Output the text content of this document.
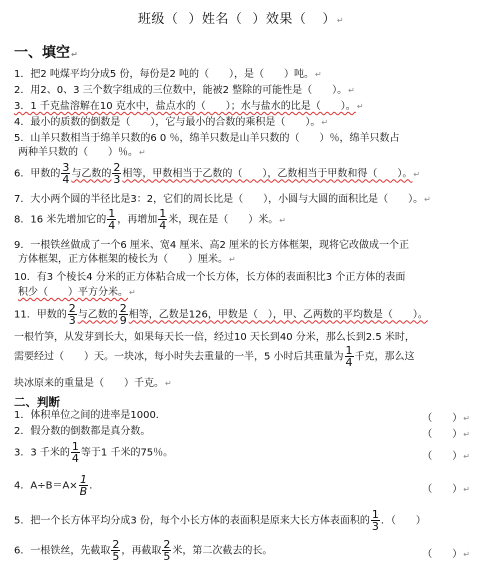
班级（ ）姓名（ ）效果（ ）↵
一、填空↵
1．把2 吨煤平均分成5 份，每份是2 吨的（　　），是（　　）吨。↵
2．用2、0、3 三个数字组成的三位数中，能被2 整除的可能性是（　　）。↵
3．1 千克盐溶解在10 克水中，盐点水的（　　）；水与盐水的比是（　　）。↵
4．最小的质数的倒数是（　　），它与最小的合数的乘积是（　　）。↵
5．山羊只数相当于绵羊只数的6 0 ％，绵羊只数是山羊只数的（　　）％，绵羊只数占
两种羊只数的（　　）％。↵
6．甲数的 $\frac{3}{4}$ 与乙数的 $\frac{2}{3}$ 相等，甲数相当于乙数的（　　），乙数相当于甲数和得（　　）。↵
7．大小两个圆的半径比是3：2，它们的周长比是（　　），小圆与大圆的面积比是（　　）。↵
8．16 米先增加它的 $\frac{1}{4}$ ，再增加 $\frac{1}{4}$ 米，现在是（　　）米。↵
9．一根铁丝做成了一个6 厘米、宽4 厘米、高2 厘米的长方体框架，现将它改做成一个正
方体框架，正方体框架的棱长为（　　）厘米。↵
10．有3 个棱长4 分米的正方体粘合成一个长方体，长方体的表面积比3 个正方体的表面
积少（　　）平方分米。↵
11．甲数的 $\frac{2}{3}$ 与乙数的 $\frac{2}{9}$ 相等，乙数是126，甲数是（　），甲、乙两数的平均数是（　　）。
一根竹笋，从发芽到长大，如果每天长一倍，经过10 天长到40 分米，那么长到2.5 米时，
需要经过（　　）天。一块冰，每小时失去重量的一半，5 小时后其重量为 $\frac{1}{4}$ 千克，那么这
块冰原来的重量是（　　）千克。↵
二、判断
1．体积单位之间的进率是1000．	（　　）↵
2．假分数的倒数都是真分数。	（　　）↵
3．3 千米的 $\frac{1}{4}$ 等于1 千米的75％。	（　　）↵
4．$A\div B=A\times \frac{1}{B}$ ．	（　　）↵
5．把一个长方体平均分成3 份，每个小长方体的表面积是原来大长方体表面积的 $\frac{1}{3}$ ．（　　）
6．一根铁丝，先截取 $\frac{2}{5}$ ，再截取 $\frac{2}{5}$ 米，第二次截去的长。	（　　）↵
